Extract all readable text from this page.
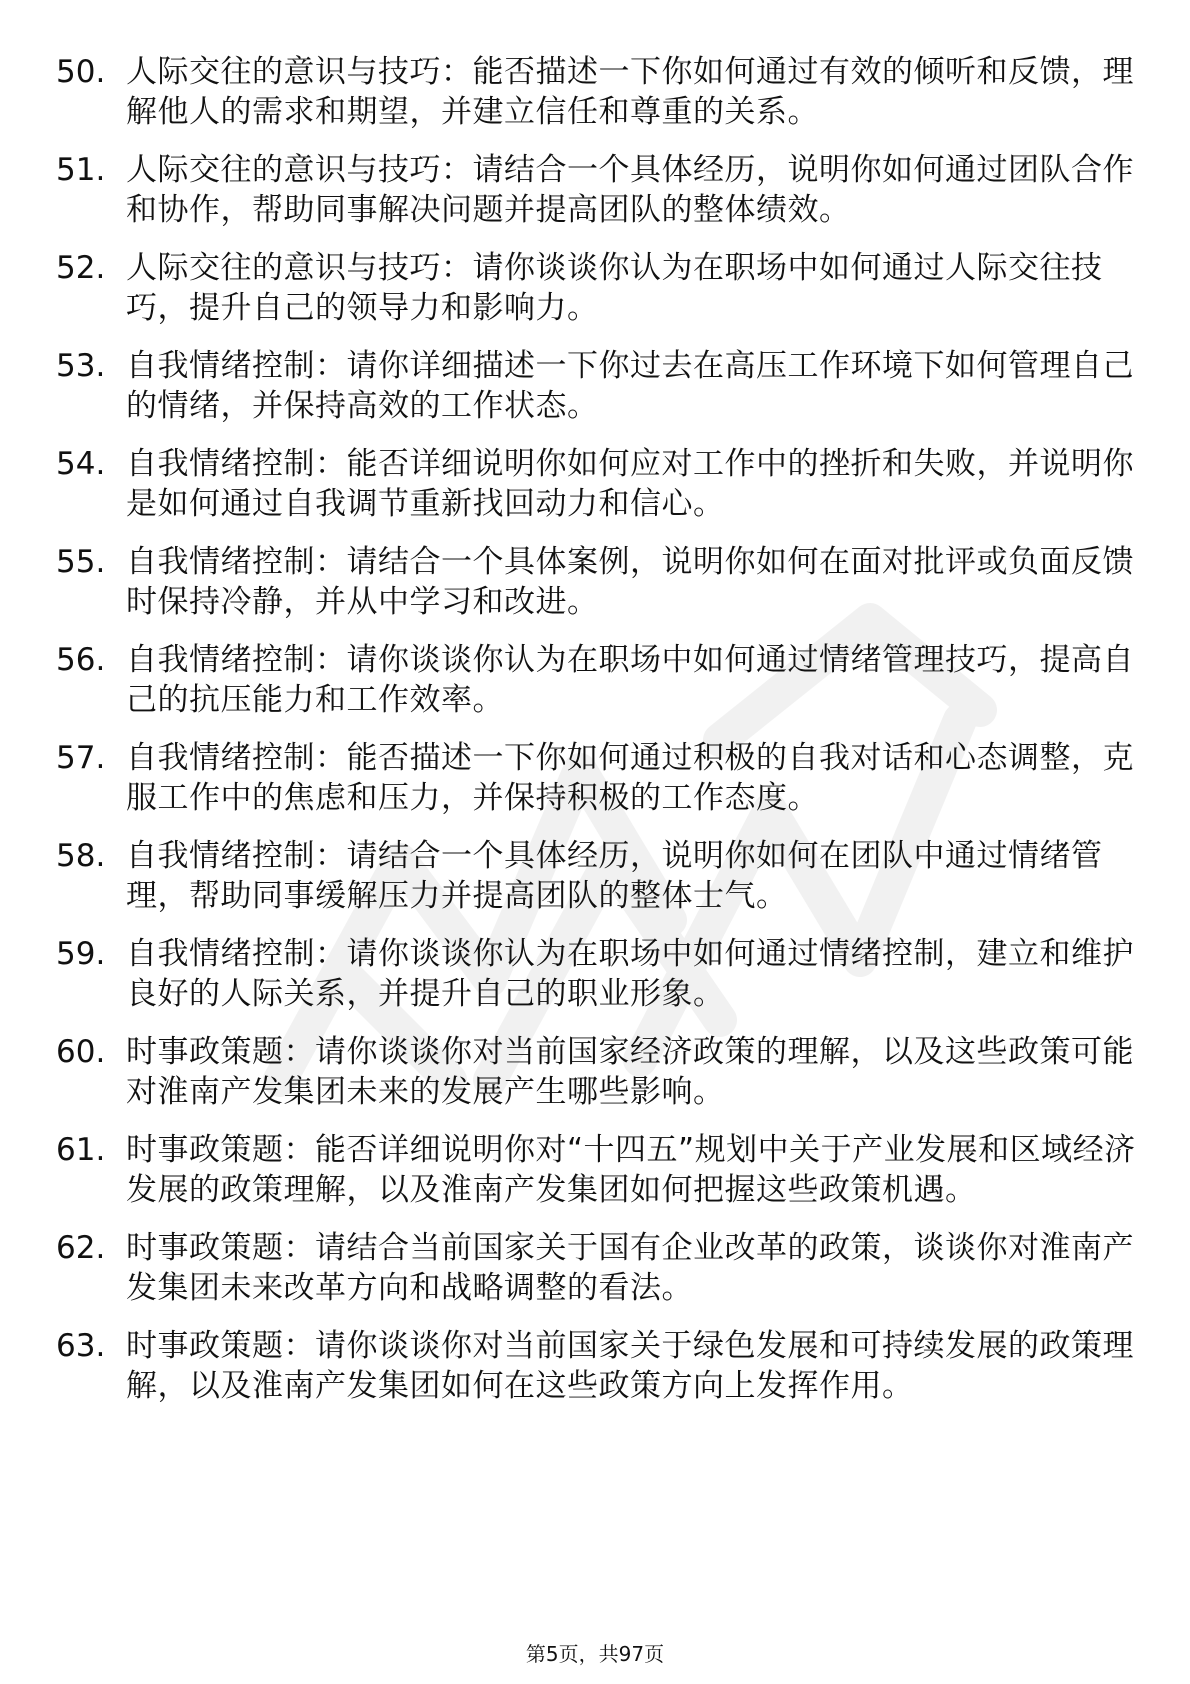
50. 人际交往的意识与技巧：能否描述一下你如何通过有效的倾听和反馈，理解他人的需求和期望，并建立信任和尊重的关系。
51. 人际交往的意识与技巧：请结合一个具体经历，说明你如何通过团队合作和协作，帮助同事解决问题并提高团队的整体绩效。
52. 人际交往的意识与技巧：请你谈谈你认为在职场中如何通过人际交往技巧，提升自己的领导力和影响力。
53. 自我情绪控制：请你详细描述一下你过去在高压工作环境下如何管理自己的情绪，并保持高效的工作状态。
54. 自我情绪控制：能否详细说明你如何应对工作中的挫折和失败，并说明你是如何通过自我调节重新找回动力和信心。
55. 自我情绪控制：请结合一个具体案例，说明你如何在面对批评或负面反馈时保持冷静，并从中学习和改进。
56. 自我情绪控制：请你谈谈你认为在职场中如何通过情绪管理技巧，提高自己的抗压能力和工作效率。
57. 自我情绪控制：能否描述一下你如何通过积极的自我对话和心态调整，克服工作中的焦虑和压力，并保持积极的工作态度。
58. 自我情绪控制：请结合一个具体经历，说明你如何在团队中通过情绪管理，帮助同事缓解压力并提高团队的整体士气。
59. 自我情绪控制：请你谈谈你认为在职场中如何通过情绪控制，建立和维护良好的人际关系，并提升自己的职业形象。
60. 时事政策题：请你谈谈你对当前国家经济政策的理解，以及这些政策可能对淮南产发集团未来的发展产生哪些影响。
61. 时事政策题：能否详细说明你对“十四五”规划中关于产业发展和区域经济发展的政策理解，以及淮南产发集团如何把握这些政策机遇。
62. 时事政策题：请结合当前国家关于国有企业改革的政策，谈谈你对淮南产发集团未来改革方向和战略调整的看法。
63. 时事政策题：请你谈谈你对当前国家关于绿色发展和可持续发展的政策理解，以及淮南产发集团如何在这些政策方向上发挥作用。
第5页，共97页
